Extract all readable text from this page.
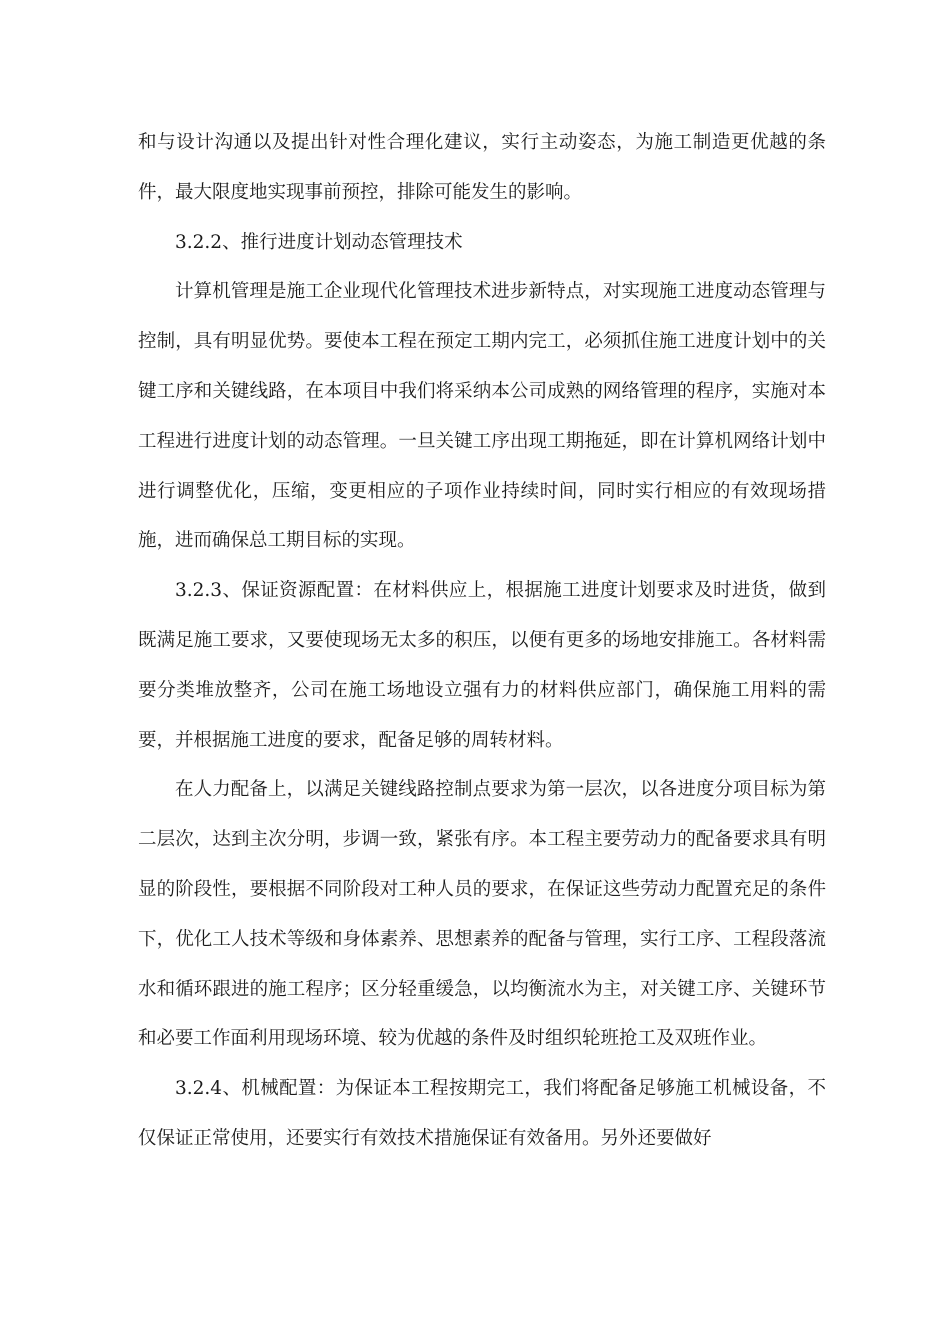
和与设计沟通以及提出针对性合理化建议，实行主动姿态，为施工制造更优越的条件，最大限度地实现事前预控，排除可能发生的影响。

3.2.2、推行进度计划动态管理技术

计算机管理是施工企业现代化管理技术进步新特点，对实现施工进度动态管理与控制，具有明显优势。要使本工程在预定工期内完工，必须抓住施工进度计划中的关键工序和关键线路，在本项目中我们将采纳本公司成熟的网络管理的程序，实施对本工程进行进度计划的动态管理。一旦关键工序出现工期拖延，即在计算机网络计划中进行调整优化，压缩，变更相应的子项作业持续时间，同时实行相应的有效现场措施，进而确保总工期目标的实现。

3.2.3、保证资源配置：在材料供应上，根据施工进度计划要求及时进货，做到既满足施工要求，又要使现场无太多的积压，以便有更多的场地安排施工。各材料需要分类堆放整齐，公司在施工场地设立强有力的材料供应部门，确保施工用料的需要，并根据施工进度的要求，配备足够的周转材料。

在人力配备上，以满足关键线路控制点要求为第一层次，以各进度分项目标为第二层次，达到主次分明，步调一致，紧张有序。本工程主要劳动力的配备要求具有明显的阶段性，要根据不同阶段对工种人员的要求，在保证这些劳动力配置充足的条件下，优化工人技术等级和身体素养、思想素养的配备与管理，实行工序、工程段落流水和循环跟进的施工程序；区分轻重缓急，以均衡流水为主，对关键工序、关键环节和必要工作面利用现场环境、较为优越的条件及时组织轮班抢工及双班作业。

3.2.4、机械配置：为保证本工程按期完工，我们将配备足够施工机械设备，不仅保证正常使用，还要实行有效技术措施保证有效备用。另外还要做好
